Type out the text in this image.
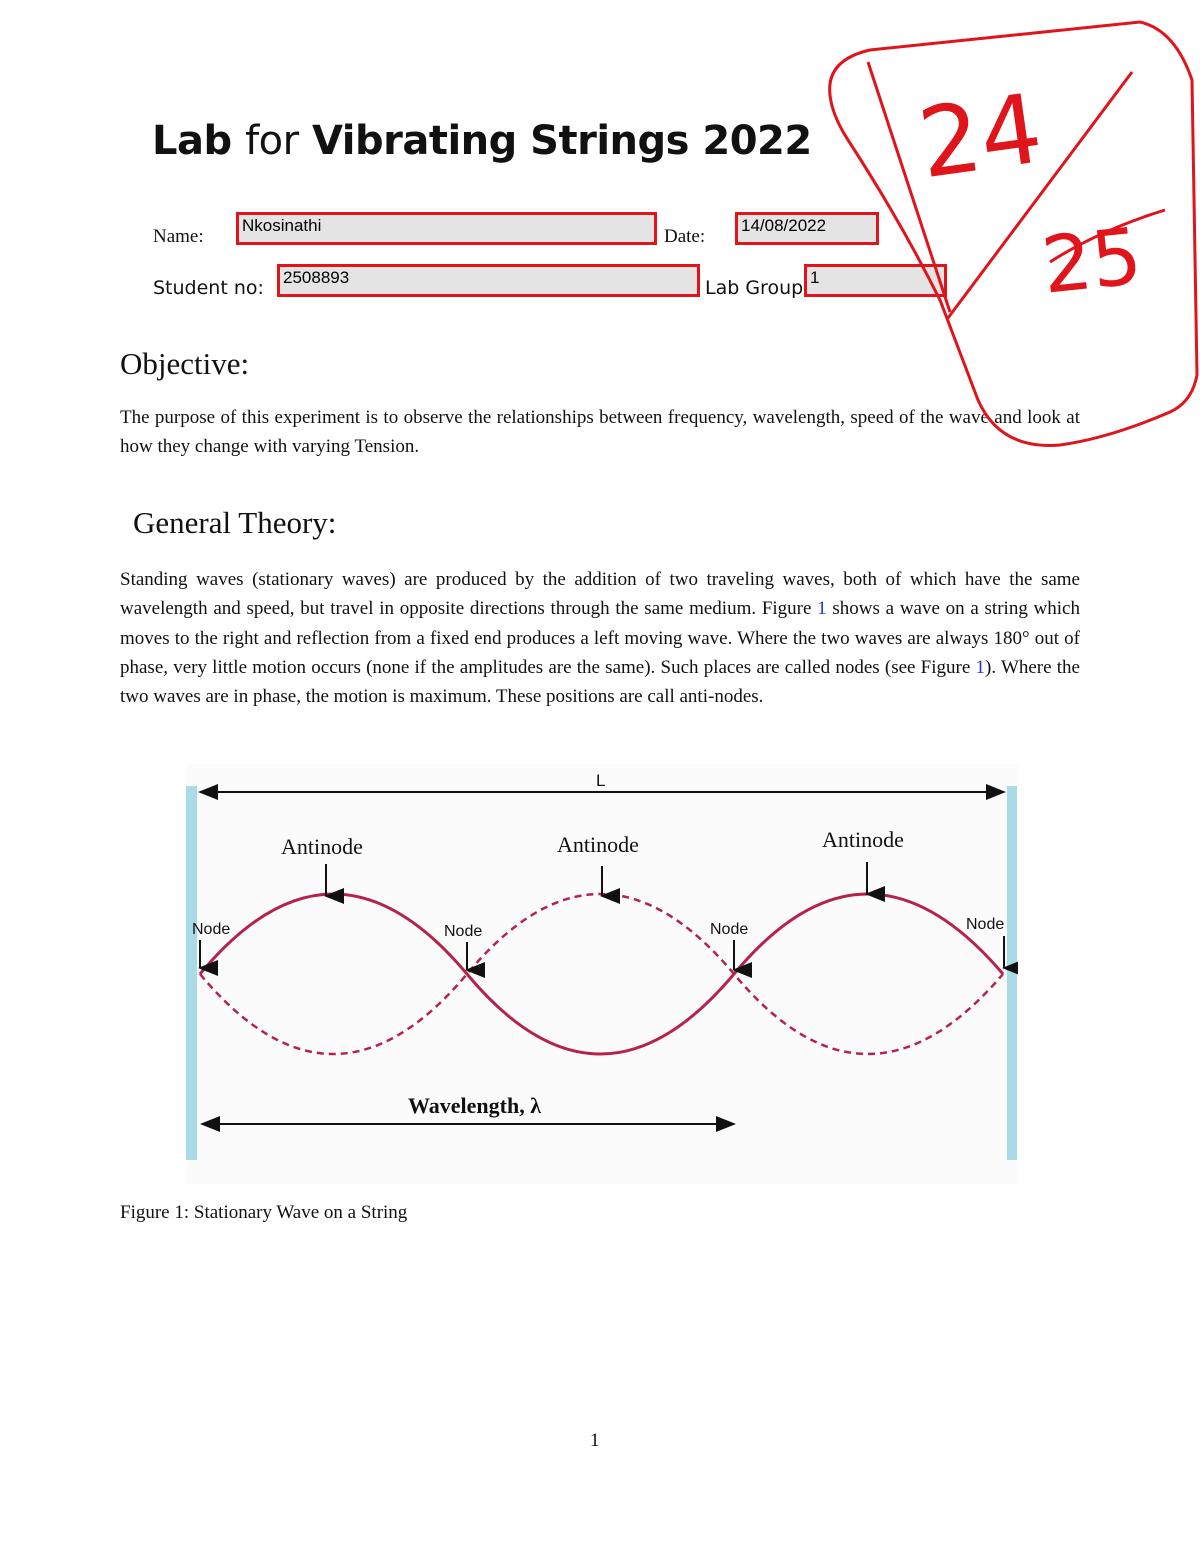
Lab for Vibrating Strings 2022
Name:
Nkosinathi
Date:
14/08/2022
Student no:	2508893	Lab Group 1
Objective:
The purpose of this experiment is to observe the relationships between frequency, wavelength, speed of the wave and look at how they change with varying Tension.
General Theory:
Standing waves (stationary waves) are produced by the addition of two traveling waves, both of which have the same wavelength and speed, but travel in opposite directions through the same medium. Figure 1 shows a wave on a string which moves to the right and reflection from a fixed end produces a left moving wave. Where the two waves are always 180° out of phase, very little motion occurs (none if the amplitudes are the same). Such places are called nodes (see Figure 1). Where the two waves are in phase, the motion is maximum. These positions are call anti-nodes.
L
Antinode	Antinode	Antinode
Node	Node	Node	Node
Wavelength, λ
Figure 1: Stationary Wave on a String
24
25
1
